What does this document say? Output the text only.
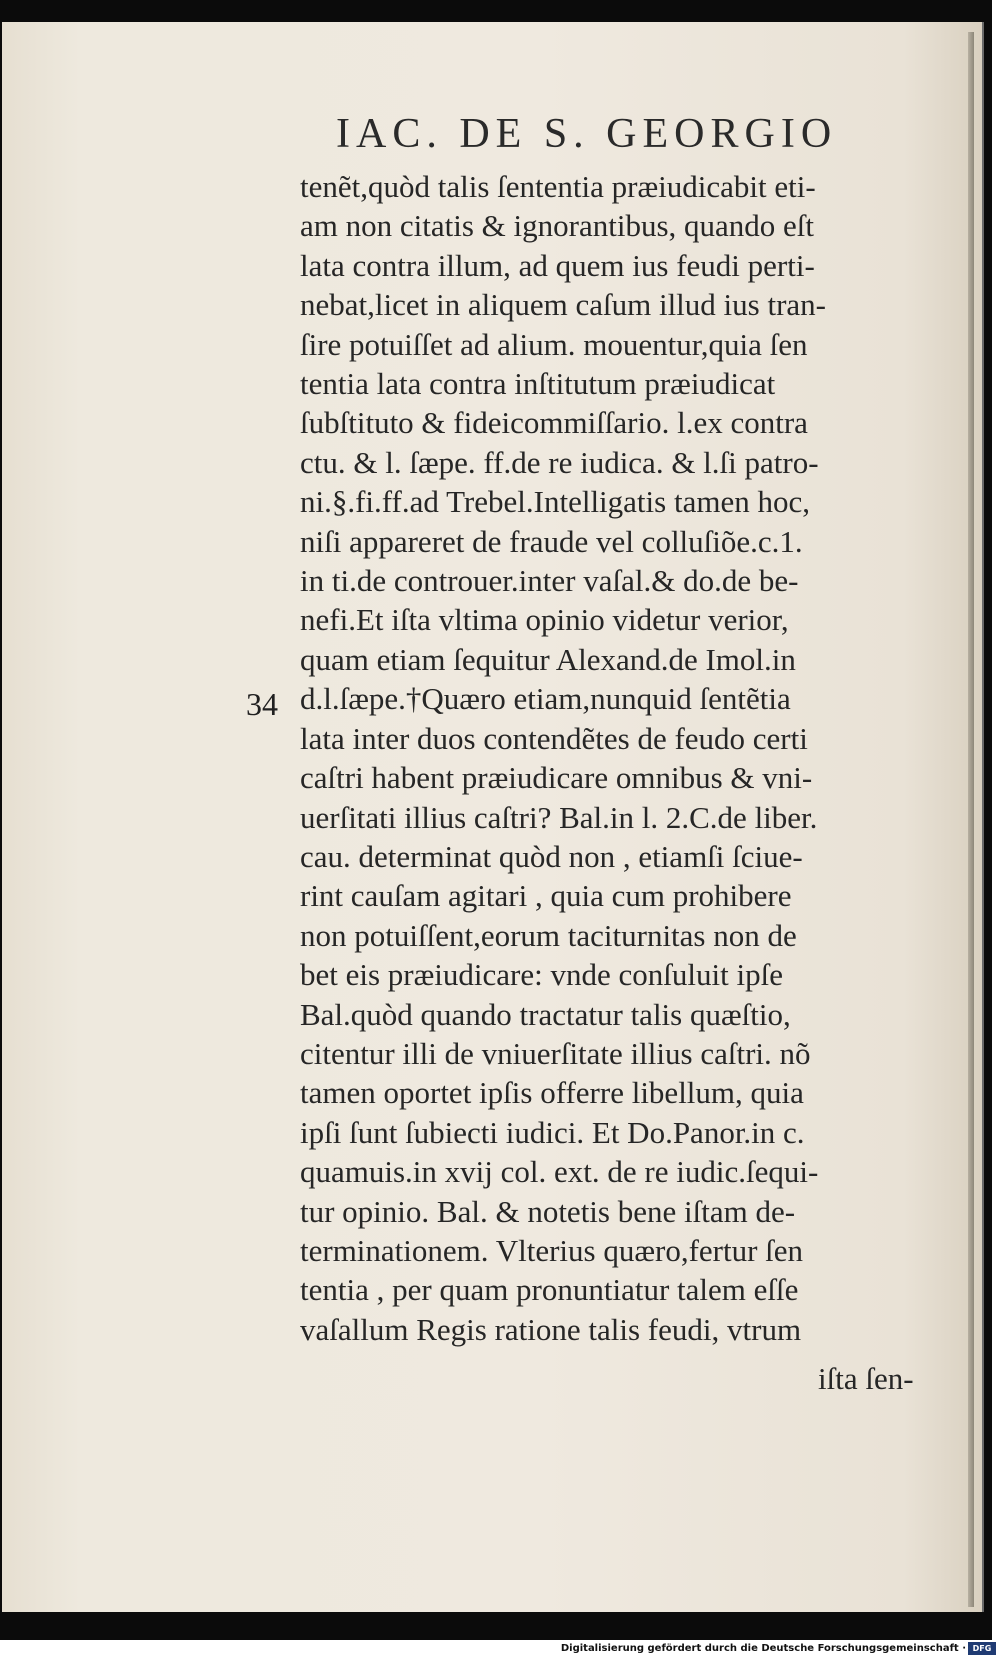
IAC. DE S. GEORGIO
34
tenẽt,quòd talis ſententia præiudicabit eti-
am non citatis & ignorantibus, quando eſt
lata contra illum, ad quem ius feudi perti-
nebat,licet in aliquem caſum illud ius tran-
ſire potuiſſet ad alium. mouentur,quia ſen
tentia lata contra inſtitutum præiudicat
ſubſtituto & fideicommiſſario. l.ex contra
ctu. & l. ſæpe. ff.de re iudica. & l.ſi patro-
ni.§.fi.ff.ad Trebel.Intelligatis tamen hoc,
niſi appareret de fraude vel colluſiõe.c.1.
in ti.de controuer.inter vaſal.& do.de be-
nefi.Et iſta vltima opinio videtur verior,
quam etiam ſequitur Alexand.de Imol.in
d.l.ſæpe.†Quæro etiam,nunquid ſentẽtia
lata inter duos contendẽtes de feudo certi
caſtri habent præiudicare omnibus & vni-
uerſitati illius caſtri? Bal.in l. 2.C.de liber.
cau. determinat quòd non , etiamſi ſciue-
rint cauſam agitari , quia cum prohibere
non potuiſſent,eorum taciturnitas non de
bet eis præiudicare: vnde conſuluit ipſe
Bal.quòd quando tractatur talis quæſtio,
citentur illi de vniuerſitate illius caſtri. nõ
tamen oportet ipſis offerre libellum, quia
ipſi ſunt ſubiecti iudici. Et Do.Panor.in c.
quamuis.in xvij col. ext. de re iudic.ſequi-
tur opinio. Bal. & notetis bene iſtam de-
terminationem. Vlterius quæro,fertur ſen
tentia , per quam pronuntiatur talem eſſe
vaſallum Regis ratione talis feudi, vtrum
iſta ſen-
Digitalisierung gefördert durch die Deutsche Forschungsgemeinschaft · DFG
